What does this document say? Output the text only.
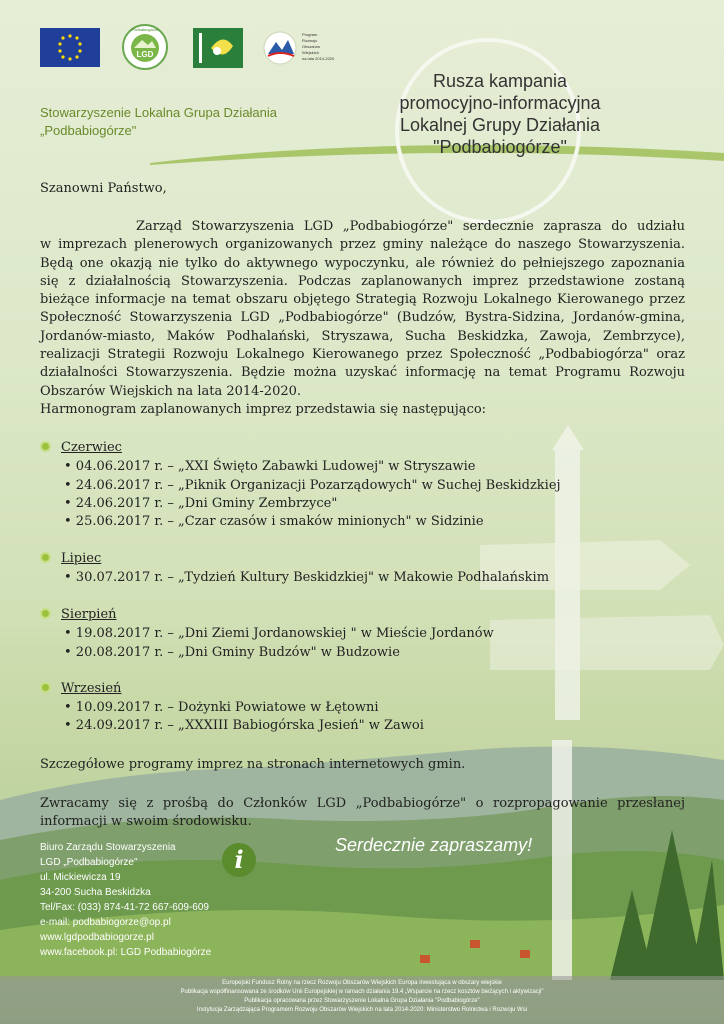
LGD
Podbabiogórze
Program
Rozwoju
Obszarów
Wiejskich
na lata 2014-2020
Stowarzyszenie Lokalna Grupa Działania
„Podbabiogórze"
Rusza kampania
promocyjno-informacyjna
Lokalnej Grupy Działania
"Podbabiogórze"
Szanowni Państwo,
Zarząd Stowarzyszenia LGD „Podbabiogórze" serdecznie zaprasza do udziału
w imprezach plenerowych organizowanych przez gminy należące do naszego Stowarzyszenia.
Będą one okazją nie tylko do aktywnego wypoczynku, ale również do pełniejszego zapoznania
się z działalnością Stowarzyszenia. Podczas zaplanowanych imprez przedstawione zostaną
bieżące informacje na temat obszaru objętego Strategią Rozwoju Lokalnego Kierowanego przez
Społeczność Stowarzyszenia LGD „Podbabiogórze" (Budzów, Bystra-Sidzina, Jordanów-gmina,
Jordanów-miasto, Maków Podhalański, Stryszawa, Sucha Beskidzka, Zawoja, Zembrzyce),
realizacji Strategii Rozwoju Lokalnego Kierowanego przez Społeczność „Podbabiogórza" oraz
działalności Stowarzyszenia. Będzie można uzyskać informację na temat Programu Rozwoju
Obszarów Wiejskich na lata 2014-2020.
Harmonogram zaplanowanych imprez przedstawia się następująco:
Czerwiec
• 04.06.2017 r. – „XXI Święto Zabawki Ludowej" w Stryszawie
• 24.06.2017 r. – „Piknik Organizacji Pozarządowych" w Suchej Beskidzkiej
• 24.06.2017 r. – „Dni Gminy Zembrzyce"
• 25.06.2017 r. – „Czar czasów i smaków minionych" w Sidzinie
Lipiec
• 30.07.2017 r. – „Tydzień Kultury Beskidzkiej" w Makowie Podhalańskim
Sierpień
• 19.08.2017 r. – „Dni Ziemi Jordanowskiej " w Mieście Jordanów
• 20.08.2017 r. – „Dni Gminy Budzów" w Budzowie
Wrzesień
• 10.09.2017 r. – Dożynki Powiatowe w Łętowni
• 24.09.2017 r. – „XXXIII Babiogórska Jesień" w Zawoi
Szczegółowe programy imprez na stronach internetowych gmin.
Zwracamy się z prośbą do Członków LGD „Podbabiogórze" o rozpropagowanie przesłanej
informacji w swoim środowisku.
Serdecznie zapraszamy!
i
Biuro Zarządu Stowarzyszenia
LGD „Podbabiogórze"
ul. Mickiewicza 19
34-200 Sucha Beskidzka
Tel/Fax: (033) 874-41-72 667-609-609
e-mail: podbabiogorze@op.pl
www.lgdpodbabiogorze.pl
www.facebook.pl: LGD Podbabiogórze
Europejski Fundusz Rolny na rzecz Rozwoju Obszarów Wiejskich Europa inwestująca w obszary wiejskie
Publikacja współfinansowana ze środków Unii Europejskiej w ramach działania 19.4 „Wsparcie na rzecz kosztów bieżących i aktywizacji"
Publikacja opracowana przez Stowarzyszenie Lokalna Grupa Działania "Podbabiogórze"
Instytucja Zarządzająca Programem Rozwoju Obszarów Wiejskich na lata 2014-2020: Ministerstwo Rolnictwa i Rozwoju Wsi
